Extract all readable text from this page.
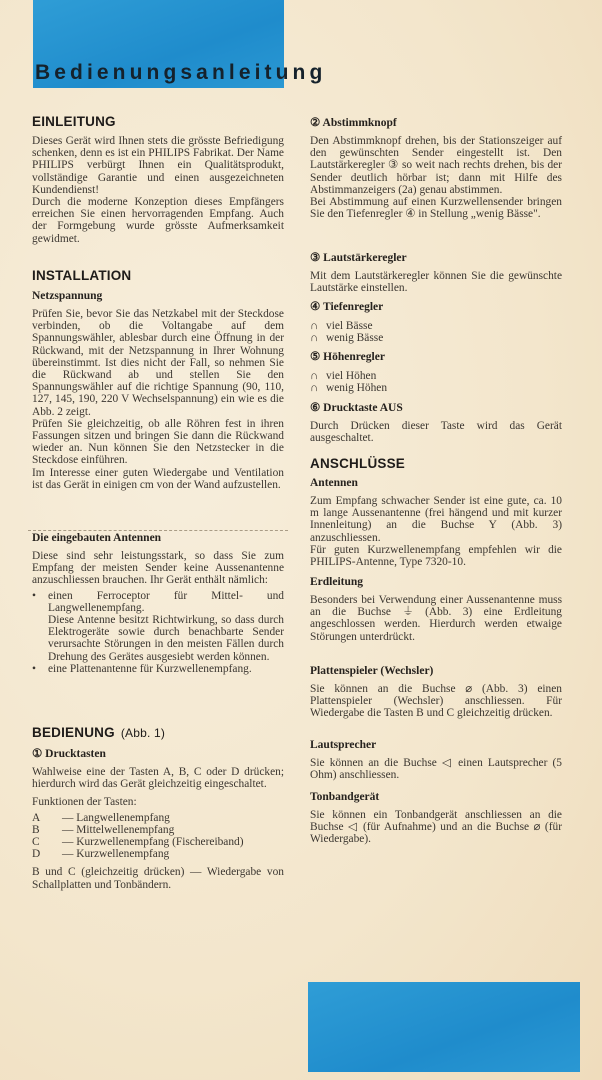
Bedienungsanleitung
EINLEITUNG

Dieses Gerät wird Ihnen stets die grösste Befriedigung schenken, denn es ist ein PHILIPS Fabrikat. Der Name PHILIPS verbürgt Ihnen ein Qualitätsprodukt, vollständige Garantie und einen ausgezeichneten Kundendienst!

Durch die moderne Konzeption dieses Empfängers erreichen Sie einen hervorragenden Empfang. Auch der Formgebung wurde grösste Aufmerksamkeit gewidmet.

INSTALLATION
Netzspannung

Prüfen Sie, bevor Sie das Netzkabel mit der Steckdose verbinden, ob die Voltangabe auf dem Spannungswähler, ablesbar durch eine Öffnung in der Rückwand, mit der Netzspannung in Ihrer Wohnung übereinstimmt. Ist dies nicht der Fall, so nehmen Sie die Rückwand ab und stellen Sie den Spannungswähler auf die richtige Spannung (90, 110, 127, 145, 190, 220 V Wechselspannung) ein wie es die Abb. 2 zeigt.

Prüfen Sie gleichzeitig, ob alle Röhren fest in ihren Fassungen sitzen und bringen Sie dann die Rückwand wieder an. Nun können Sie den Netzstecker in die Steckdose einführen.

Im Interesse einer guten Wiedergabe und Ventilation ist das Gerät in einigen cm von der Wand aufzustellen.

Die eingebauten Antennen

Diese sind sehr leistungsstark, so dass Sie zum Empfang der meisten Sender keine Aussenantenne anzuschliessen brauchen. Ihr Gerät enthält nämlich:

•	einen Ferroceptor für Mittel- und Langwellenempfang.
Diese Antenne besitzt Richtwirkung, so dass durch Elektrogeräte sowie durch benachbarte Sender verursachte Störungen in den meisten Fällen durch Drehung des Gerätes ausgesiebt werden können.
•	eine Plattenantenne für Kurzwellenempfang.
BEDIENUNG (Abb. 1)
① Drucktasten

Wahlweise eine der Tasten A, B, C oder D drücken; hierdurch wird das Gerät gleichzeitig eingeschaltet.

Funktionen der Tasten:

A	— Langwellenempfang
B	— Mittelwellenempfang
C	— Kurzwellenempfang (Fischereiband)
D	— Kurzwellenempfang

B und C (gleichzeitig drücken) — Wiedergabe von Schallplatten und Tonbändern.

② Abstimmknopf

Den Abstimmknopf drehen, bis der Stationszeiger auf den gewünschten Sender eingestellt ist. Den Lautstärkeregler ③ so weit nach rechts drehen, bis der Sender deutlich hörbar ist; dann mit Hilfe des Abstimmanzeigers (2a) genau abstimmen.

Bei Abstimmung auf einen Kurzwellensender bringen Sie den Tiefenregler ④ in Stellung „wenig Bässe".

③ Lautstärkeregler

Mit dem Lautstärkeregler können Sie die gewünschte Lautstärke einstellen.

④ Tiefenregler
∩ viel Bässe
∩ wenig Bässe
⑤ Höhenregler
∩ viel Höhen
∩ wenig Höhen
⑥ Drucktaste AUS

Durch Drücken dieser Taste wird das Gerät ausgeschaltet.

ANSCHLÜSSE
Antennen

Zum Empfang schwacher Sender ist eine gute, ca. 10 m lange Aussenantenne (frei hängend und mit kurzer Innenleitung) an die Buchse Y (Abb. 3) anzuschliessen.

Für guten Kurzwellenempfang empfehlen wir die PHILIPS-Antenne, Type 7320-10.

Erdleitung

Besonders bei Verwendung einer Aussenantenne muss an die Buchse ⏚ (Abb. 3) eine Erdleitung angeschlossen werden. Hierdurch werden etwaige Störungen unterdrückt.

Plattenspieler (Wechsler)

Sie können an die Buchse ⌀ (Abb. 3) einen Plattenspieler (Wechsler) anschliessen. Für Wiedergabe die Tasten B und C gleichzeitig drücken.

Lautsprecher

Sie können an die Buchse ◁ einen Lautsprecher (5 Ohm) anschliessen.

Tonbandgerät

Sie können ein Tonbandgerät anschliessen an die Buchse ◁ (für Aufnahme) und an die Buchse ⌀ (für Wiedergabe).
